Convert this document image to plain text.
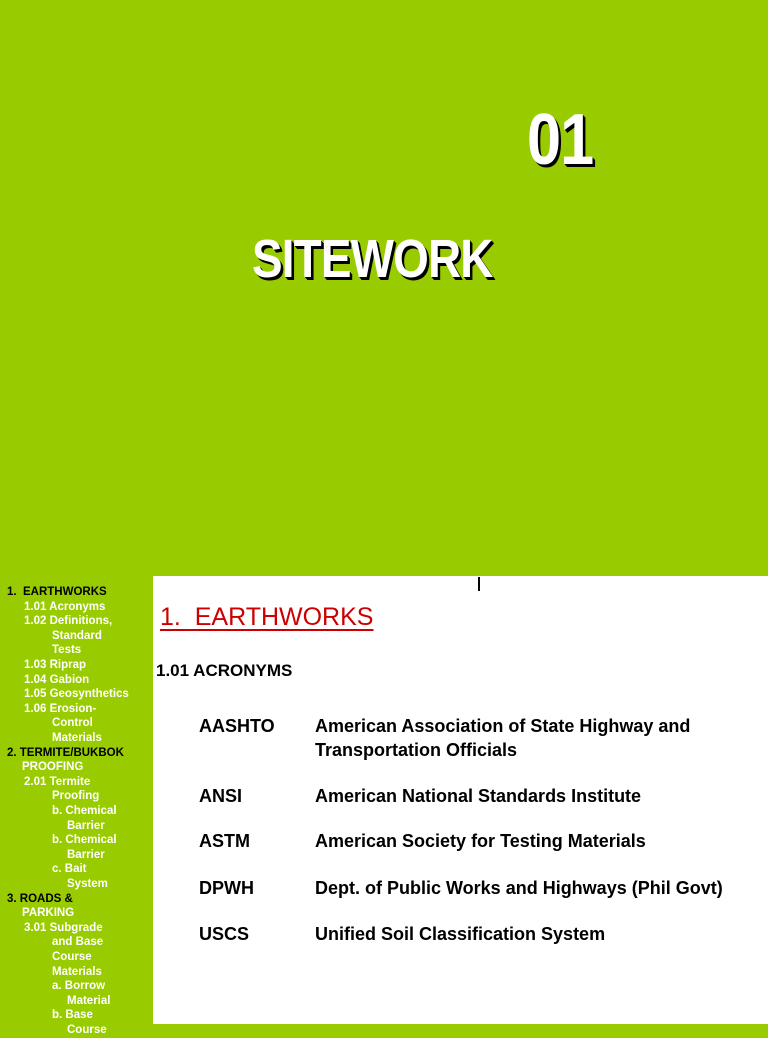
01
SITEWORK
1.  EARTHWORKS
1.01 Acronyms
1.02 Definitions,
Standard
Tests
1.03 Riprap
1.04 Gabion
1.05 Geosynthetics
1.06 Erosion-
Control
Materials
2. TERMITE/BUKBOK
PROOFING
2.01 Termite
Proofing
b. Chemical
Barrier
b. Chemical
Barrier
c. Bait
System
3. ROADS &
PARKING
3.01 Subgrade
and Base
Course
Materials
a. Borrow
Material
b. Base
Course
1.  EARTHWORKS
1.01 ACRONYMS
AASHTO American Association of State Highway and Transportation Officials
ANSI	American National Standards Institute
ASTM	American Society for Testing Materials
DPWH	Dept. of Public Works and Highways (Phil Govt)
USCS	Unified Soil Classification System
